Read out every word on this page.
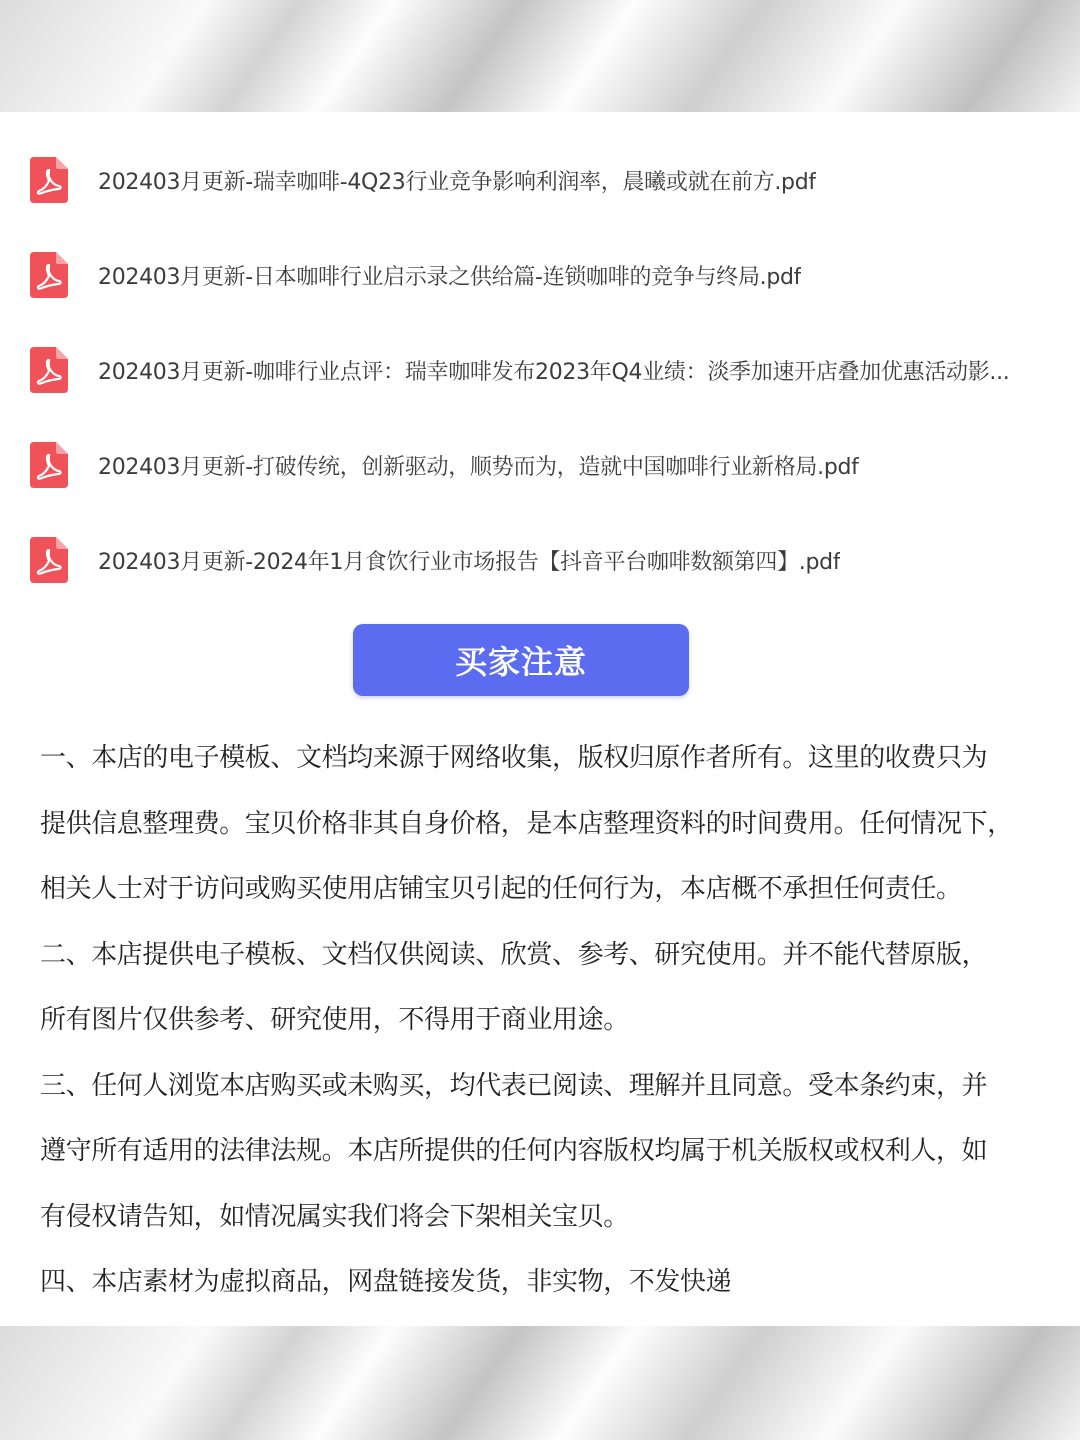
202403月更新-瑞幸咖啡-4Q23行业竞争影响利润率，晨曦或就在前方.pdf
202403月更新-日本咖啡行业启示录之供给篇-连锁咖啡的竞争与终局.pdf
202403月更新-咖啡行业点评：瑞幸咖啡发布2023年Q4业绩：淡季加速开店叠加优惠活动影...
202403月更新-打破传统，创新驱动，顺势而为，造就中国咖啡行业新格局.pdf
202403月更新-2024年1月食饮行业市场报告【抖音平台咖啡数额第四】.pdf
买家注意
一、本店的电子模板、文档均来源于网络收集，版权归原作者所有。这里的收费只为
提供信息整理费。宝贝价格非其自身价格，是本店整理资料的时间费用。任何情况下，
相关人士对于访问或购买使用店铺宝贝引起的任何行为，本店概不承担任何责任。
二、本店提供电子模板、文档仅供阅读、欣赏、参考、研究使用。并不能代替原版，
所有图片仅供参考、研究使用，不得用于商业用途。
三、任何人浏览本店购买或未购买，均代表已阅读、理解并且同意。受本条约束，并
遵守所有适用的法律法规。本店所提供的任何内容版权均属于机关版权或权利人，如
有侵权请告知，如情况属实我们将会下架相关宝贝。
四、本店素材为虚拟商品，网盘链接发货，非实物，不发快递
